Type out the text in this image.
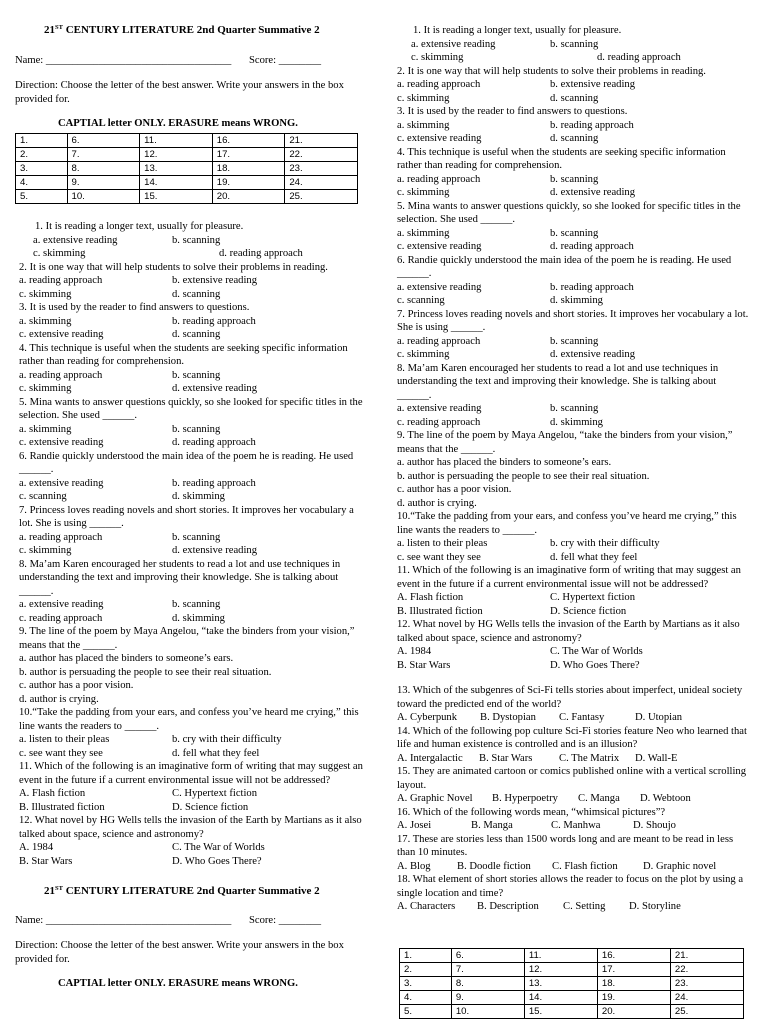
21ST CENTURY LITERATURE 2nd Quarter Summative 2
Name: ___________________________________ Score: ________
Direction: Choose the letter of the best answer. Write your answers in the box provided for.
CAPTIAL letter ONLY. ERASURE means WRONG.
1.	6.	11.	16.	21.
2.	7.	12.	17.	22.
3.	8.	13.	18.	23.
4.	9.	14.	19.	24.
5.	10.	15.	20.	25.
1. It is reading a longer text, usually for pleasure.
a. extensive reading	b. scanning
c. skimming	d. reading approach
2. It is one way that will help students to solve their problems in reading.
a. reading approach	b. extensive reading
c. skimming	d. scanning
3. It is used by the reader to find answers to questions.
a. skimming	b. reading approach
c. extensive reading	d. scanning
4. This technique is useful when the students are seeking specific information rather than reading for comprehension.
a. reading approach	b. scanning
c. skimming	d. extensive reading
5. Mina wants to answer questions quickly, so she looked for specific titles in the selection. She used ______.
a. skimming	b. scanning
c. extensive reading	d. reading approach
6. Randie quickly understood the main idea of the poem he is reading. He used ______.
a. extensive reading	b. reading approach
c. scanning	d. skimming
7. Princess loves reading novels and short stories. It improves her vocabulary a lot. She is using ______.
a. reading approach	b. scanning
c. skimming	d. extensive reading
8. Ma’am Karen encouraged her students to read a lot and use techniques in understanding the text and improving their knowledge. She is talking about ______.
a. extensive reading	b. scanning
c. reading approach	d. skimming
9. The line of the poem by Maya Angelou, “take the binders from your vision,” means that the ______.
a. author has placed the binders to someone’s ears.
b. author is persuading the people to see their real situation.
c. author has a poor vision.
d. author is crying.
10.“Take the padding from your ears, and confess you’ve heard me crying,” this line wants the readers to ______.
a. listen to their pleas	b. cry with their difficulty
c. see want they see	d. fell what they feel
11. Which of the following is an imaginative form of writing that may suggest an event in the future if a current environmental issue will not be addressed?
A. Flash fiction	C. Hypertext fiction
B. Illustrated fiction	D. Science fiction
12. What novel by HG Wells tells the invasion of the Earth by Martians as it also talked about space, science and astronomy?
A. 1984	C. The War of Worlds
B. Star Wars	D. Who Goes There?
21ST CENTURY LITERATURE 2nd Quarter Summative 2
Name: ___________________________________ Score: ________
Direction: Choose the letter of the best answer. Write your answers in the box provided for.
CAPTIAL letter ONLY. ERASURE means WRONG.
1. It is reading a longer text, usually for pleasure.
a. extensive reading	b. scanning
c. skimming	d. reading approach
2. It is one way that will help students to solve their problems in reading.
a. reading approach	b. extensive reading
c. skimming	d. scanning
3. It is used by the reader to find answers to questions.
a. skimming	b. reading approach
c. extensive reading	d. scanning
4. This technique is useful when the students are seeking specific information rather than reading for comprehension.
a. reading approach	b. scanning
c. skimming	d. extensive reading
5. Mina wants to answer questions quickly, so she looked for specific titles in the selection. She used ______.
a. skimming	b. scanning
c. extensive reading	d. reading approach
6. Randie quickly understood the main idea of the poem he is reading. He used ______.
a. extensive reading	b. reading approach
c. scanning	d. skimming
7. Princess loves reading novels and short stories. It improves her vocabulary a lot. She is using ______.
a. reading approach	b. scanning
c. skimming	d. extensive reading
8. Ma’am Karen encouraged her students to read a lot and use techniques in understanding the text and improving their knowledge. She is talking about ______.
a. extensive reading	b. scanning
c. reading approach	d. skimming
9. The line of the poem by Maya Angelou, “take the binders from your vision,” means that the ______.
a. author has placed the binders to someone’s ears.
b. author is persuading the people to see their real situation.
c. author has a poor vision.
d. author is crying.
10.“Take the padding from your ears, and confess you’ve heard me crying,” this line wants the readers to ______.
a. listen to their pleas	b. cry with their difficulty
c. see want they see	d. fell what they feel
11. Which of the following is an imaginative form of writing that may suggest an event in the future if a current environmental issue will not be addressed?
A. Flash fiction	C. Hypertext fiction
B. Illustrated fiction	D. Science fiction
12. What novel by HG Wells tells the invasion of the Earth by Martians as it also talked about space, science and astronomy?
A. 1984	C. The War of Worlds
B. Star Wars	D. Who Goes There?
13. Which of the subgenres of Sci-Fi tells stories about imperfect, unideal society toward the predicted end of the world?
A. Cyberpunk B. Dystopian C. Fantasy	D. Utopian
14. Which of the following pop culture Sci-Fi stories feature Neo who learned that life and human existence is controlled and is an illusion?
A. Intergalactic B. Star Wars	C. The Matrix D. Wall-E
15. They are animated cartoon or comics published online with a vertical scrolling layout.
A. Graphic Novel B. Hyperpoetry C. Manga D. Webtoon
16. Which of the following words mean, “whimsical pictures”?
A. Josei	B. Manga	C. Manhwa	D. Shoujo
17. These are stories less than 1500 words long and are meant to be read in less than 10 minutes.
A. Blog B. Doodle fiction C. Flash fiction D. Graphic novel
18. What element of short stories allows the reader to focus on the plot by using a single location and time?
A. Characters B. Description C. Setting D. Storyline
1.	6.	11.	16.	21.
2.	7.	12.	17.	22.
3.	8.	13.	18.	23.
4.	9.	14.	19.	24.
5.	10.	15.	20.	25.
